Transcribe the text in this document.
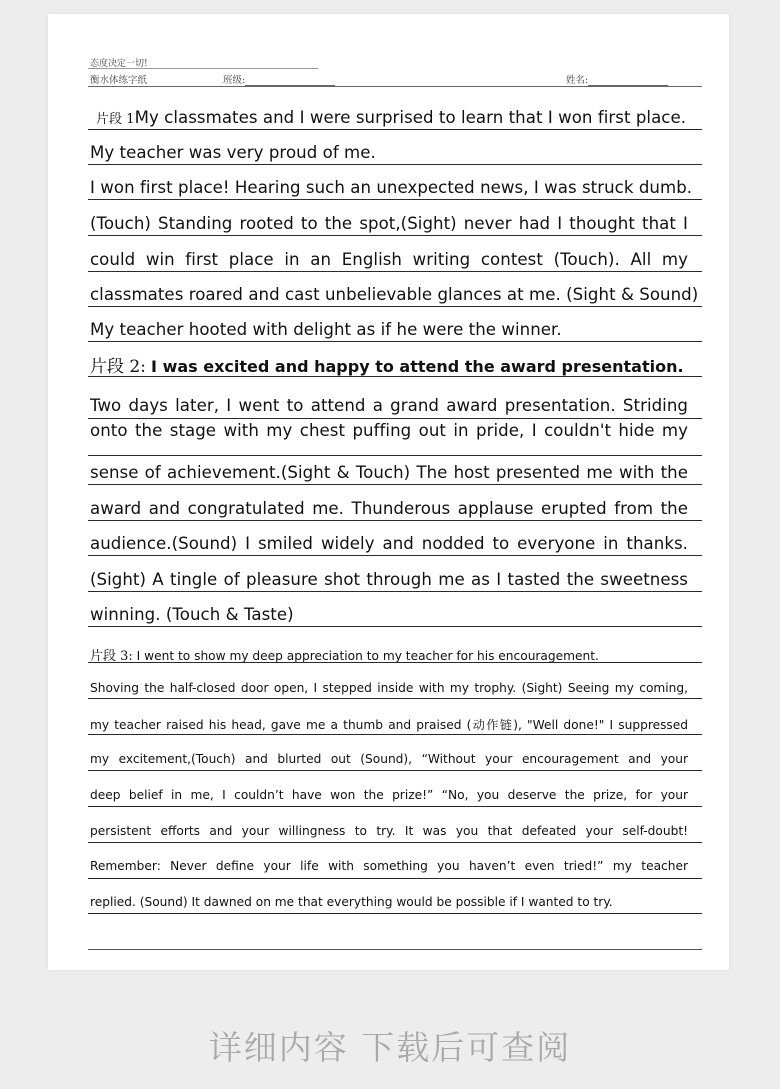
态度决定一切!
衡水体练字纸	班级:	姓名:
片段 1My classmates and I were surprised to learn that I won first place.
My teacher was very proud of me.
I won first place! Hearing such an unexpected news, I was struck dumb.
(Touch) Standing rooted to the spot,(Sight) never had I thought that I
could win first place in an English writing contest (Touch). All my
classmates roared and cast unbelievable glances at me. (Sight & Sound)
My teacher hooted with delight as if he were the winner.
片段 2: I was excited and happy to attend the award presentation.
Two days later, I went to attend a grand award presentation. Striding
onto the stage with my chest puffing out in pride, I couldn't hide my
sense of achievement.(Sight & Touch) The host presented me with the
award and congratulated me. Thunderous applause erupted from the
audience.(Sound) I smiled widely and nodded to everyone in thanks.
(Sight) A tingle of pleasure shot through me as I tasted the sweetness
winning. (Touch & Taste)
片段 3: I went to show my deep appreciation to my teacher for his encouragement.
Shoving the half-closed door open, I stepped inside with my trophy. (Sight) Seeing my coming,
my teacher raised his head, gave me a thumb and praised (动作链), "Well done!" I suppressed
my excitement,(Touch) and blurted out (Sound), “Without your encouragement and your
deep belief in me, I couldn’t have won the prize!” “No, you deserve the prize, for your
persistent efforts and your willingness to try. It was you that defeated your self-doubt!
Remember: Never define your life with something you haven’t even tried!” my teacher
replied. (Sound) It dawned on me that everything would be possible if I wanted to try.
详细内容 下载后可查阅
